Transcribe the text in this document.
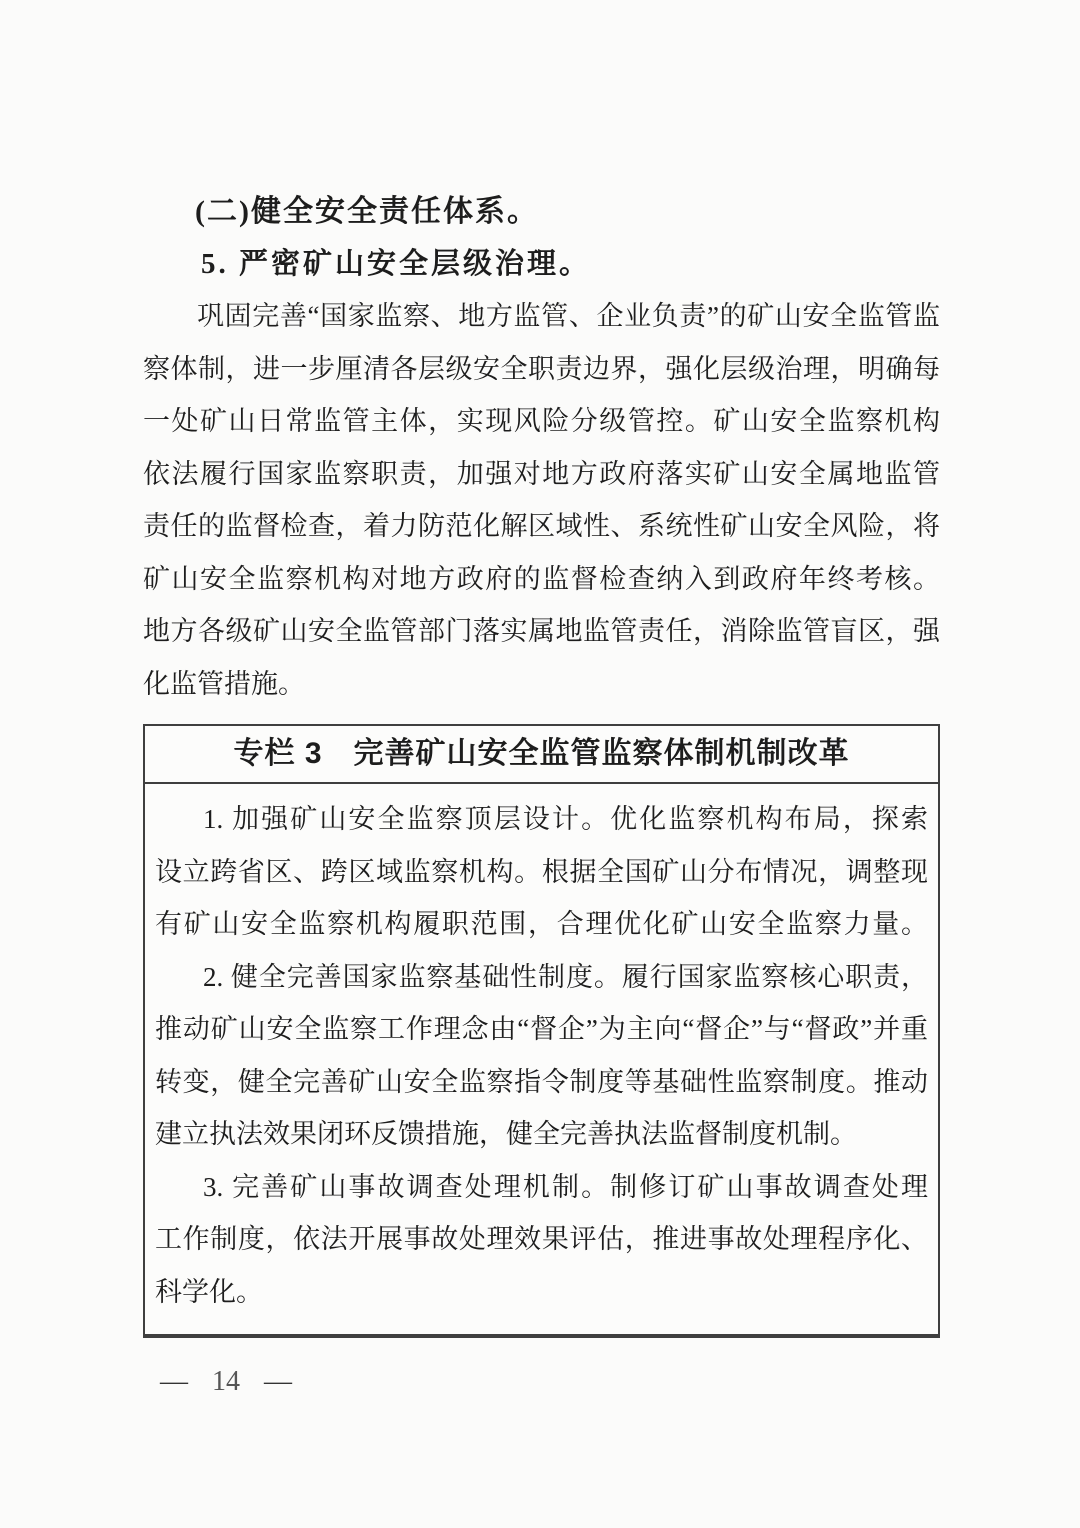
(二)健全安全责任体系。
5. 严密矿山安全层级治理。
巩固完善“国家监察、地方监管、企业负责”的矿山安全监管监
察体制，进一步厘清各层级安全职责边界，强化层级治理，明确每
一处矿山日常监管主体，实现风险分级管控。矿山安全监察机构
依法履行国家监察职责，加强对地方政府落实矿山安全属地监管
责任的监督检查，着力防范化解区域性、系统性矿山安全风险，将
矿山安全监察机构对地方政府的监督检查纳入到政府年终考核。
地方各级矿山安全监管部门落实属地监管责任，消除监管盲区，强
化监管措施。
专栏 3　完善矿山安全监管监察体制机制改革
1. 加强矿山安全监察顶层设计。优化监察机构布局，探索
设立跨省区、跨区域监察机构。根据全国矿山分布情况，调整现
有矿山安全监察机构履职范围，合理优化矿山安全监察力量。
2. 健全完善国家监察基础性制度。履行国家监察核心职责，
推动矿山安全监察工作理念由“督企”为主向“督企”与“督政”并重
转变，健全完善矿山安全监察指令制度等基础性监察制度。推动
建立执法效果闭环反馈措施，健全完善执法监督制度机制。
3. 完善矿山事故调查处理机制。制修订矿山事故调查处理
工作制度，依法开展事故处理效果评估，推进事故处理程序化、
科学化。
— 14 —
